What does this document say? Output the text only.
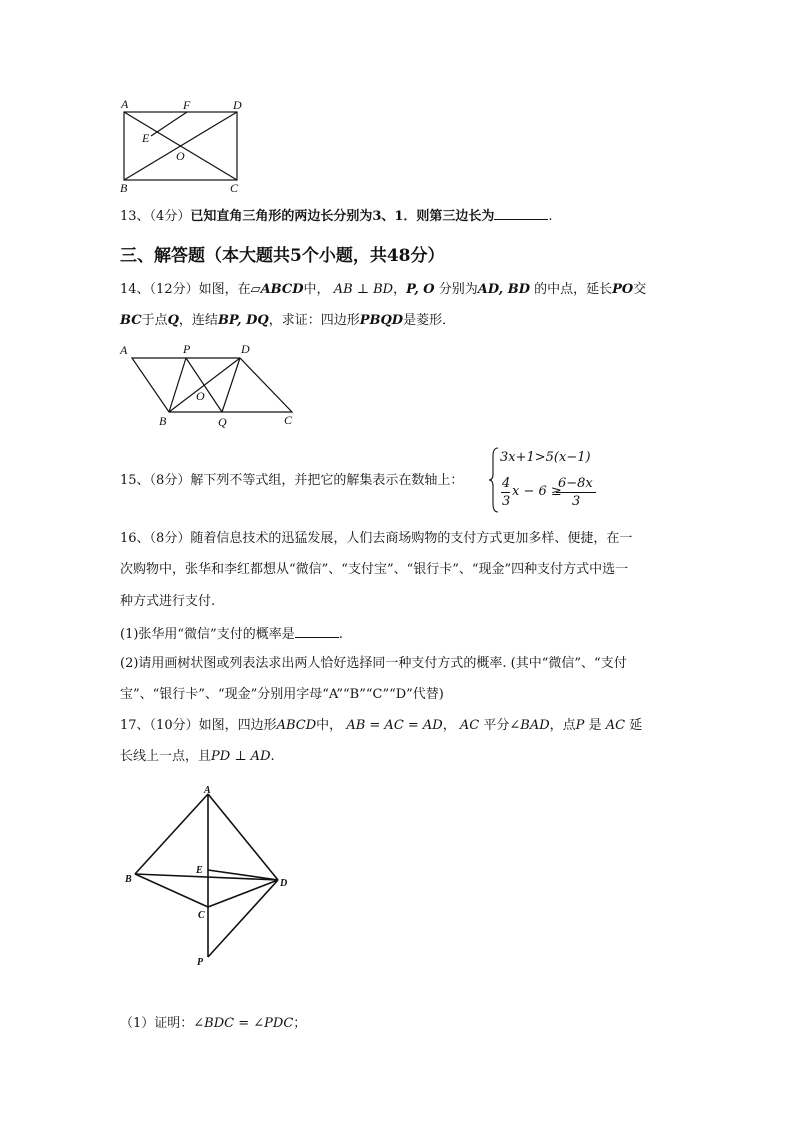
A	F	D
E
O
B	C
13、（4分）已知直角三角形的两边长分别为3、1．则第三边长为	.
三、解答题（本大题共5个小题，共48分）
14、（12分）如图，在▱ABCD中， AB ⊥ BD，P, O 分别为AD, BD 的中点，延长PO交
BC于点Q，连结BP, DQ，求证：四边形PBQD是菱形．
A	P	D
O
B	Q	C
15、（8分）解下列不等式组，并把它的解集表示在数轴上：
3x+1>5(x−1)
4
3
x − 6 ≥
6−8x
3
16、（8分）随着信息技术的迅猛发展，人们去商场购物的支付方式更加多样、便捷，在一
次购物中，张华和李红都想从“微信”、“支付宝”、“银行卡”、“现金”四种支付方式中选一
种方式进行支付.
(1)张华用“微信”支付的概率是	.
(2)请用画树状图或列表法求出两人恰好选择同一种支付方式的概率. (其中“微信”、“支付
宝”、“银行卡”、“现金”分别用字母“A”“B”“C”“D”代替)
17、（10分）如图，四边形ABCD中， AB = AC = AD， AC 平分∠BAD，点P 是 AC 延
长线上一点，且PD ⊥ AD.
A
E
B	D
C
P
（1）证明：∠BDC = ∠PDC；
